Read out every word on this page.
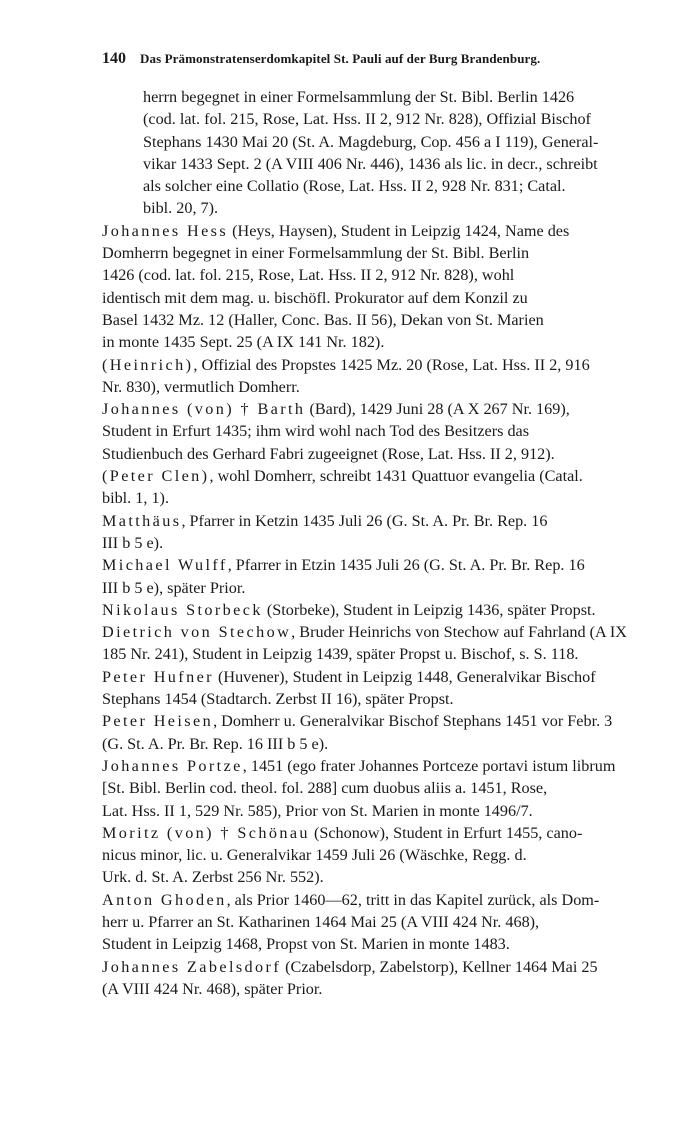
140 Das Prämonstratenserdomkapitel St. Pauli auf der Burg Brandenburg.

herrn begegnet in einer Formelsammlung der St. Bibl. Berlin 1426
(cod. lat. fol. 215, Rose, Lat. Hss. II 2, 912 Nr. 828), Offizial Bischof
Stephans 1430 Mai 20 (St. A. Magdeburg, Cop. 456 a I 119), General-
vikar 1433 Sept. 2 (A VIII 406 Nr. 446), 1436 als lic. in decr., schreibt
als solcher eine Collatio (Rose, Lat. Hss. II 2, 928 Nr. 831; Catal.
bibl. 20, 7).

Johannes Hess (Heys, Haysen), Student in Leipzig 1424, Name des
Domherrn begegnet in einer Formelsammlung der St. Bibl. Berlin
1426 (cod. lat. fol. 215, Rose, Lat. Hss. II 2, 912 Nr. 828), wohl
identisch mit dem mag. u. bischöfl. Prokurator auf dem Konzil zu
Basel 1432 Mz. 12 (Haller, Conc. Bas. II 56), Dekan von St. Marien
in monte 1435 Sept. 25 (A IX 141 Nr. 182).

(Heinrich), Offizial des Propstes 1425 Mz. 20 (Rose, Lat. Hss. II 2, 916
Nr. 830), vermutlich Domherr.

Johannes (von) † Barth (Bard), 1429 Juni 28 (A X 267 Nr. 169),
Student in Erfurt 1435; ihm wird wohl nach Tod des Besitzers das
Studienbuch des Gerhard Fabri zugeeignet (Rose, Lat. Hss. II 2, 912).

(Peter Clen), wohl Domherr, schreibt 1431 Quattuor evangelia (Catal.
bibl. 1, 1).

Matthäus, Pfarrer in Ketzin 1435 Juli 26 (G. St. A. Pr. Br. Rep. 16
III b 5 e).

Michael Wulff, Pfarrer in Etzin 1435 Juli 26 (G. St. A. Pr. Br. Rep. 16
III b 5 e), später Prior.

Nikolaus Storbeck (Storbeke), Student in Leipzig 1436, später Propst.

Dietrich von Stechow, Bruder Heinrichs von Stechow auf Fahrland (A IX
185 Nr. 241), Student in Leipzig 1439, später Propst u. Bischof, s. S. 118.

Peter Hufner (Huvener), Student in Leipzig 1448, Generalvikar Bischof
Stephans 1454 (Stadtarch. Zerbst II 16), später Propst.

Peter Heisen, Domherr u. Generalvikar Bischof Stephans 1451 vor Febr. 3
(G. St. A. Pr. Br. Rep. 16 III b 5 e).

Johannes Portze, 1451 (ego frater Johannes Portceze portavi istum librum
[St. Bibl. Berlin cod. theol. fol. 288] cum duobus aliis a. 1451, Rose,
Lat. Hss. II 1, 529 Nr. 585), Prior von St. Marien in monte 1496/7.

Moritz (von) † Schönau (Schonow), Student in Erfurt 1455, cano-
nicus minor, lic. u. Generalvikar 1459 Juli 26 (Wäschke, Regg. d.
Urk. d. St. A. Zerbst 256 Nr. 552).

Anton Ghoden, als Prior 1460—62, tritt in das Kapitel zurück, als Dom-
herr u. Pfarrer an St. Katharinen 1464 Mai 25 (A VIII 424 Nr. 468),
Student in Leipzig 1468, Propst von St. Marien in monte 1483.

Johannes Zabelsdorf (Czabelsdorp, Zabelstorp), Kellner 1464 Mai 25
(A VIII 424 Nr. 468), später Prior.
